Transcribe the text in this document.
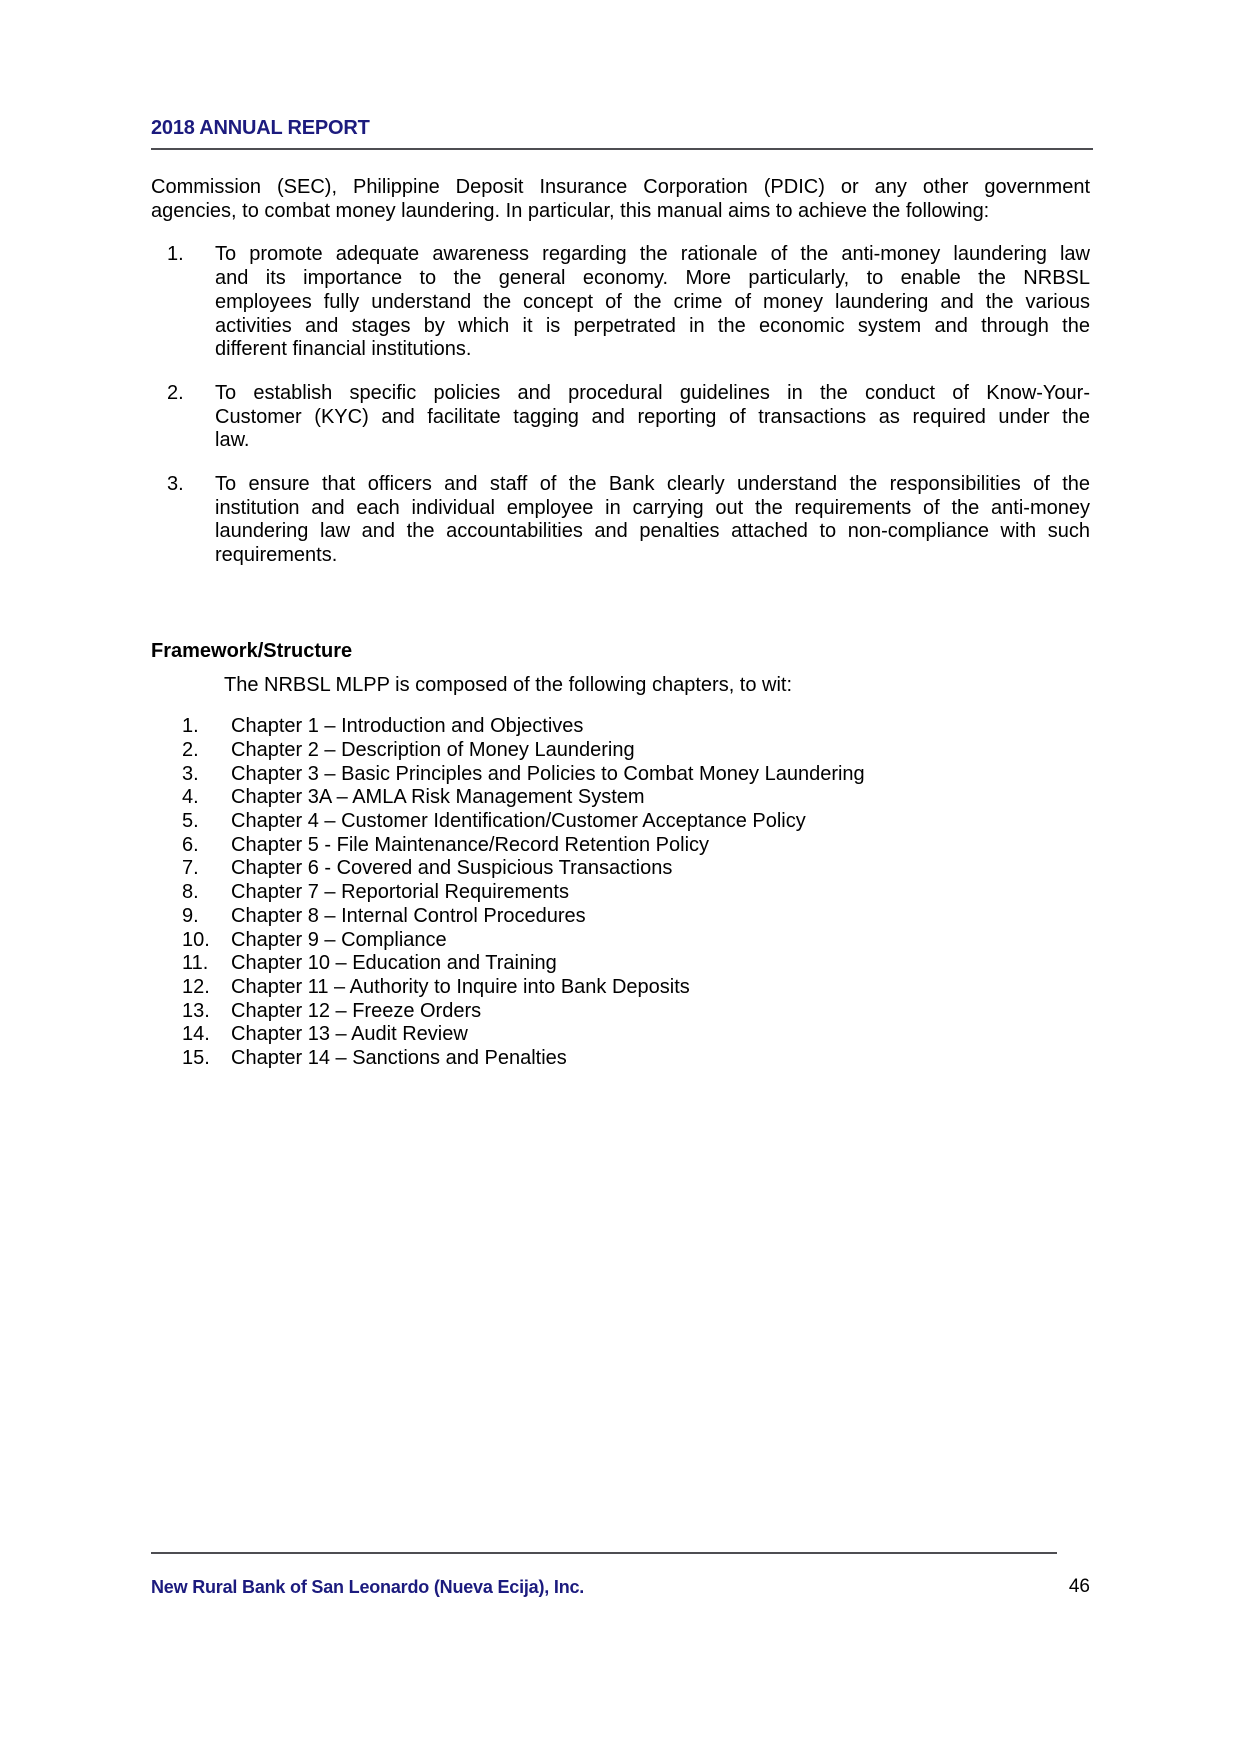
2018 ANNUAL REPORT
Commission (SEC), Philippine Deposit Insurance Corporation (PDIC) or any other government
agencies, to combat money laundering. In particular, this manual aims to achieve the following:
1. To promote adequate awareness regarding the rationale of the anti-money laundering law
and its importance to the general economy. More particularly, to enable the NRBSL
employees fully understand the concept of the crime of money laundering and the various
activities and stages by which it is perpetrated in the economic system and through the
different financial institutions.
2. To establish specific policies and procedural guidelines in the conduct of Know-Your-
Customer (KYC) and facilitate tagging and reporting of transactions as required under the
law.
3. To ensure that officers and staff of the Bank clearly understand the responsibilities of the
institution and each individual employee in carrying out the requirements of the anti-money
laundering law and the accountabilities and penalties attached to non-compliance with such
requirements.
Framework/Structure
The NRBSL MLPP is composed of the following chapters, to wit:
1. Chapter 1 – Introduction and Objectives
2. Chapter 2 – Description of Money Laundering
3. Chapter 3 – Basic Principles and Policies to Combat Money Laundering
4. Chapter 3A – AMLA Risk Management System
5. Chapter 4 – Customer Identification/Customer Acceptance Policy
6. Chapter 5 - File Maintenance/Record Retention Policy
7. Chapter 6 - Covered and Suspicious Transactions
8. Chapter 7 – Reportorial Requirements
9. Chapter 8 – Internal Control Procedures
10. Chapter 9 – Compliance
11. Chapter 10 – Education and Training
12. Chapter 11 – Authority to Inquire into Bank Deposits
13. Chapter 12 – Freeze Orders
14. Chapter 13 – Audit Review
15. Chapter 14 – Sanctions and Penalties
New Rural Bank of San Leonardo (Nueva Ecija), Inc.	46
